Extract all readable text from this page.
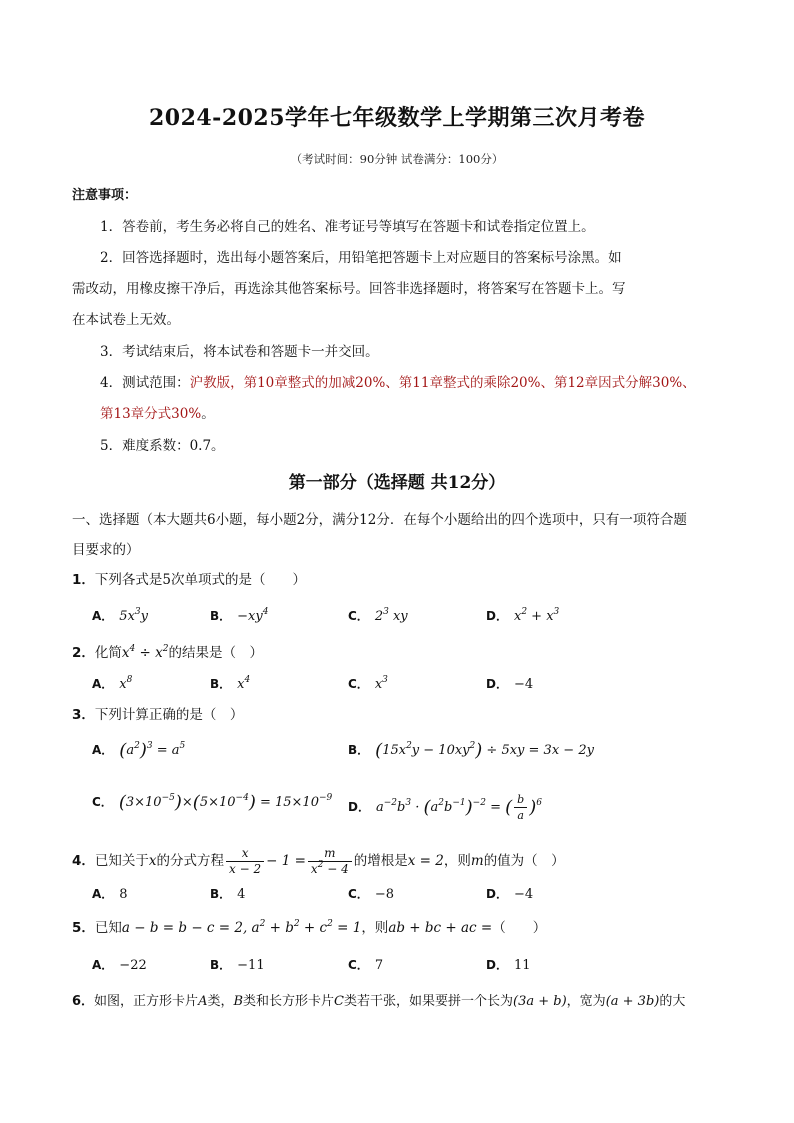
2024-2025学年七年级数学上学期第三次月考卷
（考试时间：90分钟 试卷满分：100分）
注意事项：
1．答卷前，考生务必将自己的姓名、准考证号等填写在答题卡和试卷指定位置上。
2．回答选择题时，选出每小题答案后，用铅笔把答题卡上对应题目的答案标号涂黑。如
需改动，用橡皮擦干净后，再选涂其他答案标号。回答非选择题时，将答案写在答题卡上。写
在本试卷上无效。
3．考试结束后，将本试卷和答题卡一并交回。
4．测试范围：沪教版，第10章整式的加减20%、第11章整式的乘除20%、第12章因式分解30%、
第13章分式30%。
5．难度系数：0.7。
第一部分（选择题 共12分）
一、选择题（本大题共6小题，每小题2分，满分12分．在每个小题给出的四个选项中，只有一项符合题
目要求的）
1．下列各式是5次单项式的是（　　）
A． $5x^3y$	B． $-xy^4$	C． $2^3$ xy	D． $x^2 + x^3$
2．化简$x^4 \div x^2$的结果是（　）
A． $x^8$	B． $x^4$	C． $x^3$	D． −4
3．下列计算正确的是（　）
A． $(a^2)^3 = a^5$	B． $(15x^2y - 10xy^2) \div 5xy = 3x - 2y$
C． $(3\times 10^{-5})\times(5\times 10^{-4}) = 15\times 10^{-9}$
D． $a^{-2}b^3 \cdot (a^2b^{-1})^{-2}$ = ( $\frac{b}{a} )^6$
4．已知关于x的分式方程 $\frac{x}{x - 2} - 1 = \frac{m}{x^2 - 4}$ 的增根是x = 2，则m的值为（　）
A． 8	B． 4	C． −8	D． −4
5．已知a − b = b − c = 2, $a^2 + b^2 + c^2 = 1$，则ab + bc + ac =（　　）
A． −22	B． −11	C． 7	D． 11
6．如图，正方形卡片A类，B类和长方形卡片C类若干张，如果要拼一个长为(3a + b)，宽为(a + 3b)的大
